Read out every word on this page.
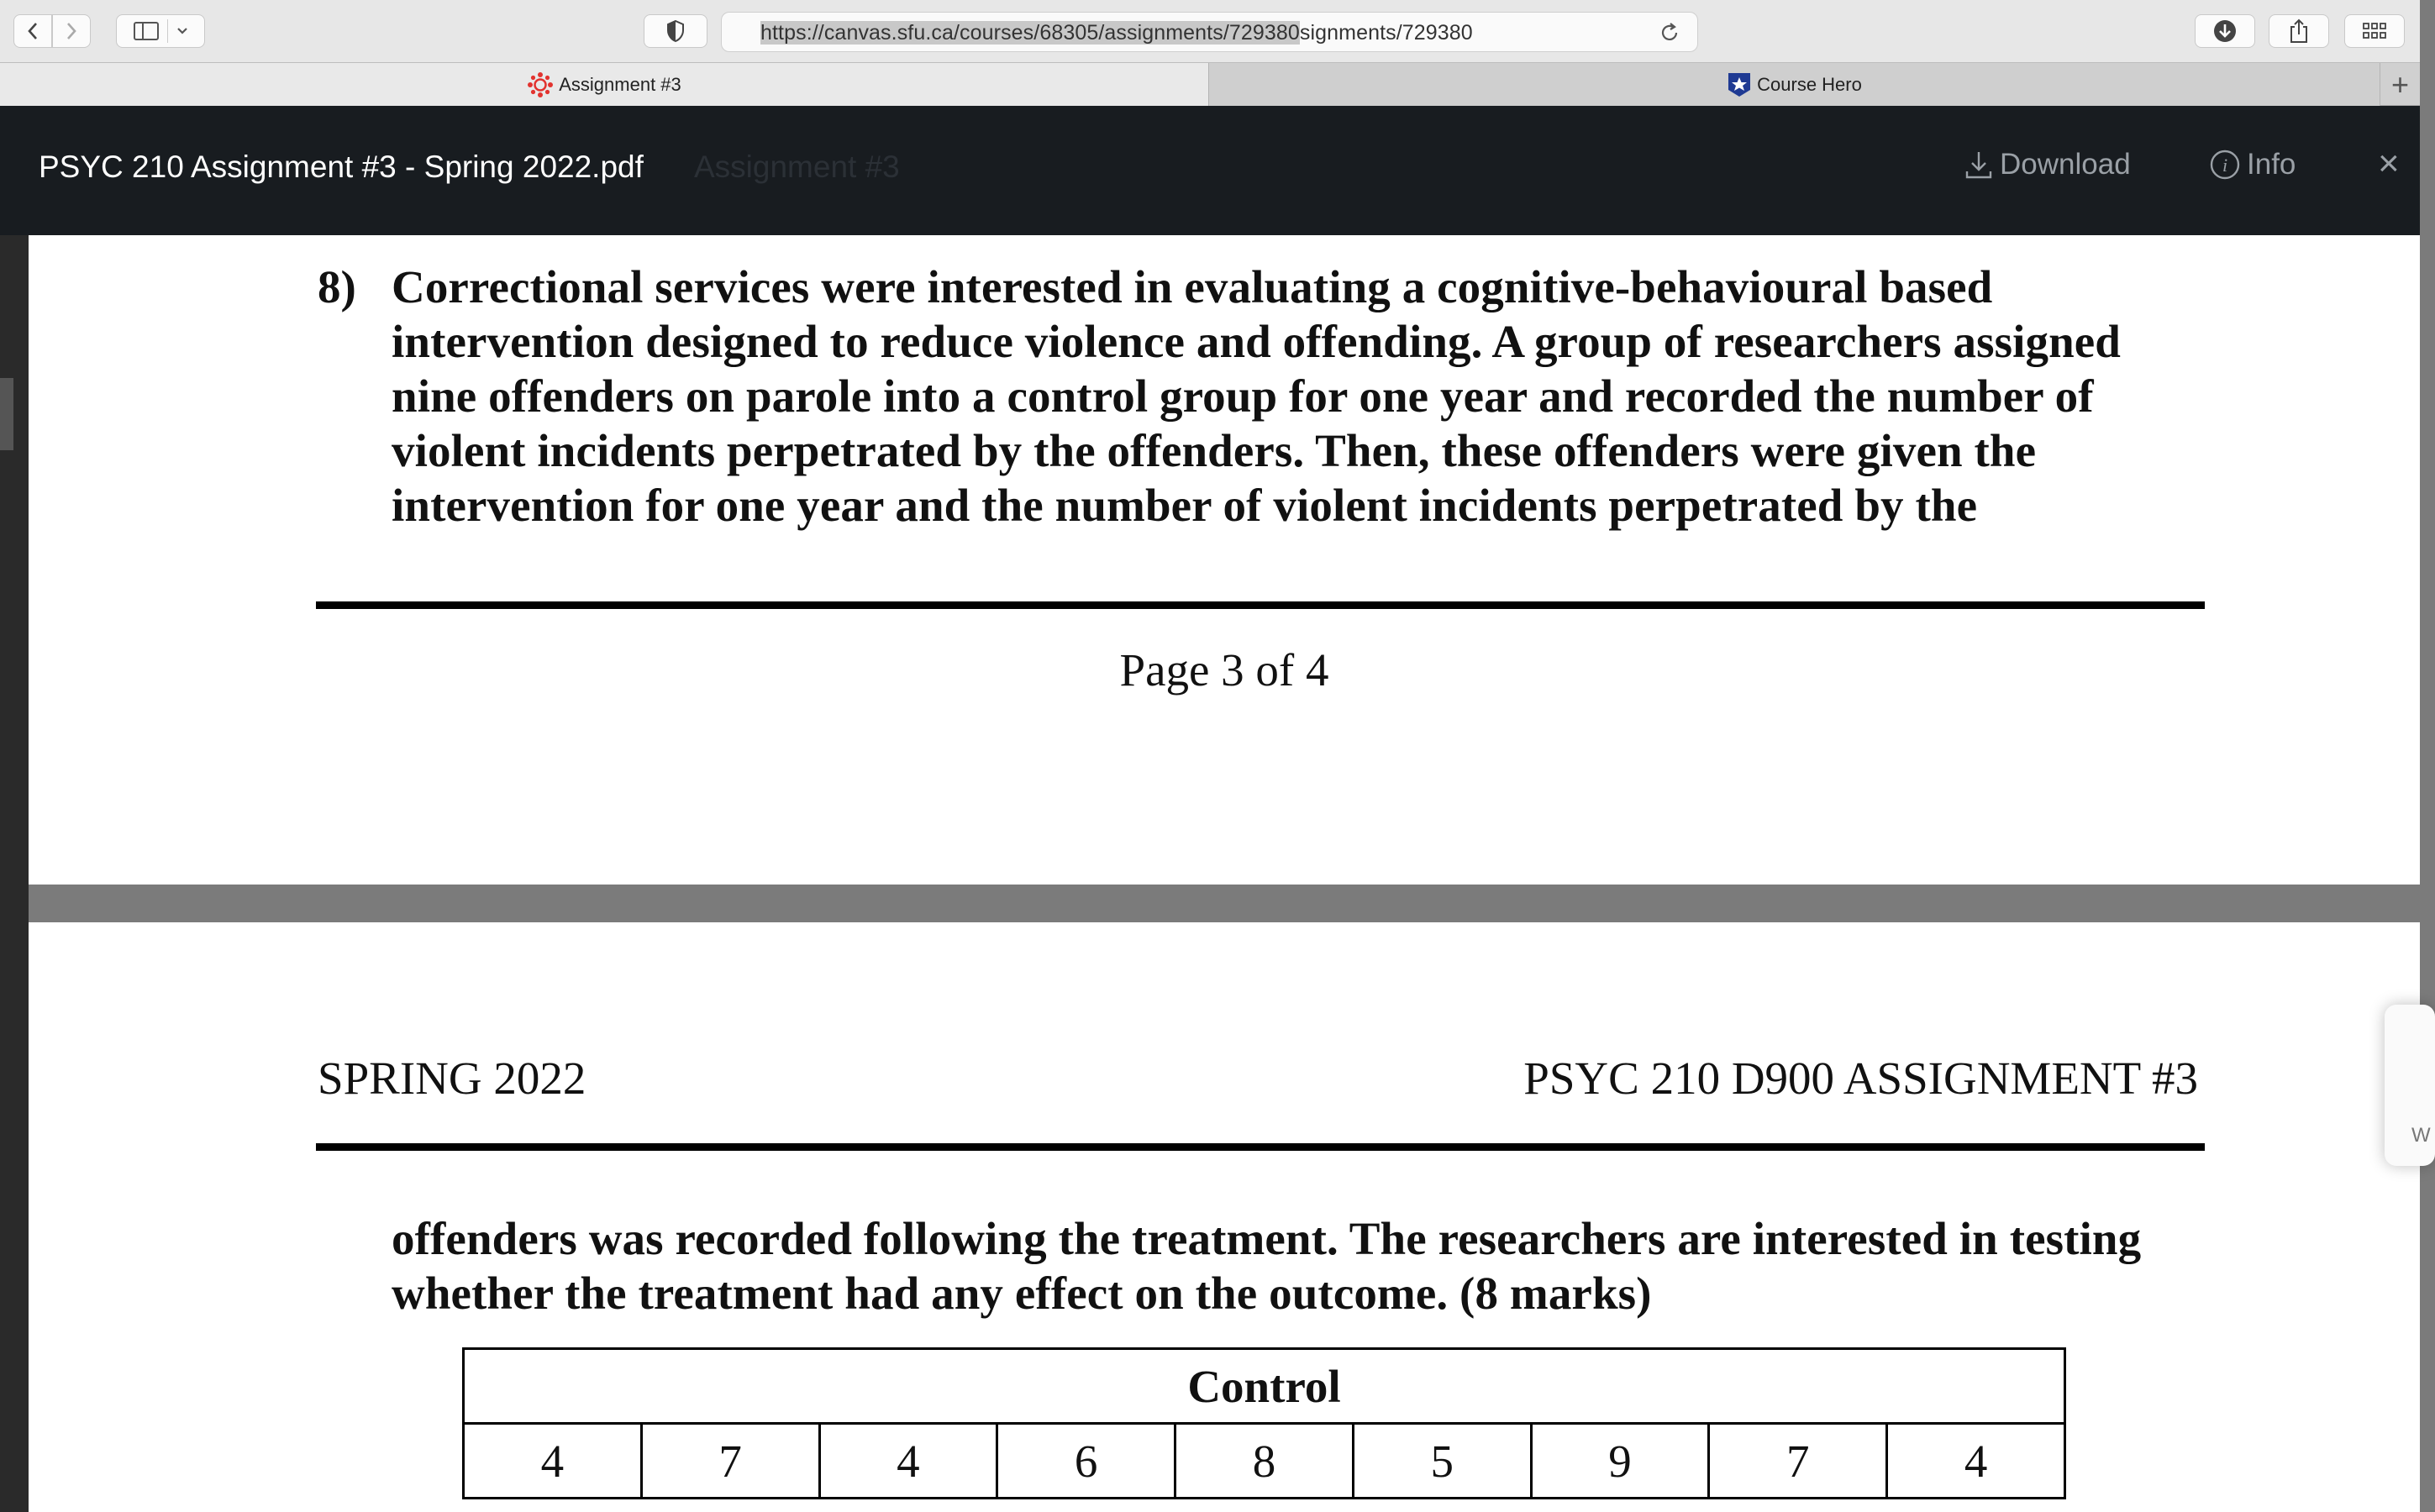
https://canvas.sfu.ca/courses/68305/assignments/729380signments/729380
Assignment #3	Course Hero	+
Assignment #3
PSYC 210 Assignment #3 - Spring 2022.pdf	Download	i Info ×
8) Correctional services were interested in evaluating a cognitive-behavioural based
intervention designed to reduce violence and offending. A group of researchers assigned
nine offenders on parole into a control group for one year and recorded the number of
violent incidents perpetrated by the offenders. Then, these offenders were given the
intervention for one year and the number of violent incidents perpetrated by the
Page 3 of 4
SPRING 2022	PSYC 210 D900 ASSIGNMENT #3
offenders was recorded following the treatment. The researchers are interested in testing
whether the treatment had any effect on the outcome. (8 marks)
Control
4	7	4	6	8	5	9	7	4
W
